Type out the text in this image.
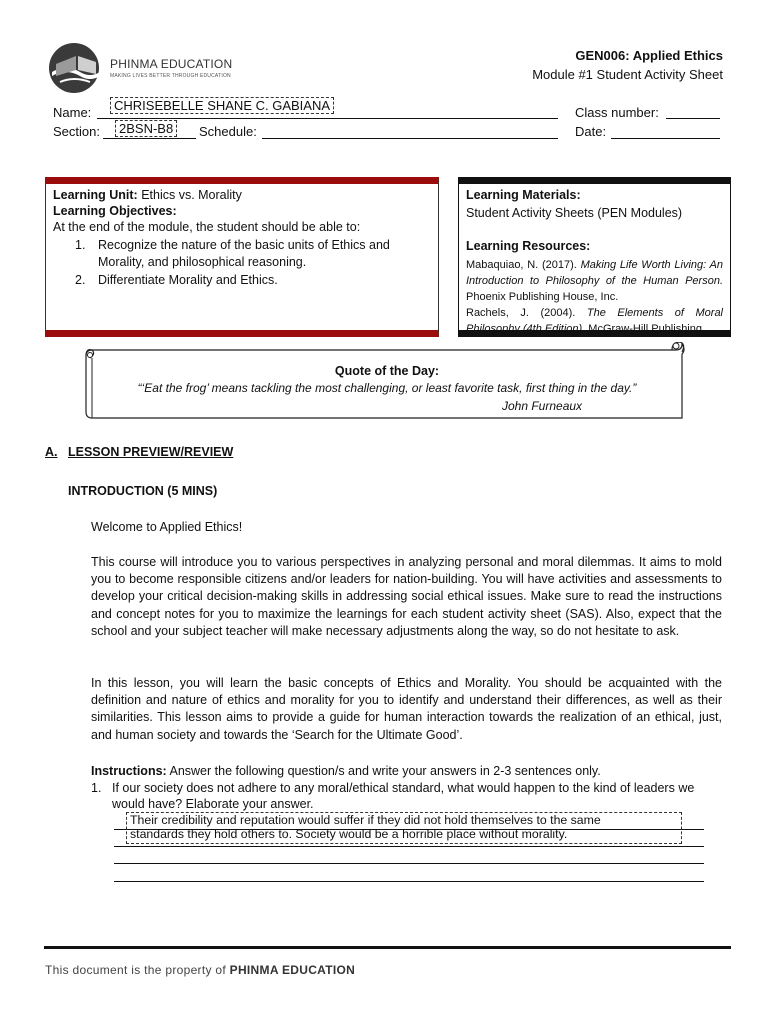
PHINMA EDUCATION
MAKING LIVES BETTER THROUGH EDUCATION
GEN006: Applied Ethics
Module #1 Student Activity Sheet
Name:	CHRISEBELLE SHANE C. GABIANA
Section:	2BSN-B8	Schedule:
Class number:
Date:
Learning Unit: Ethics vs. Morality
Learning Objectives:
At the end of the module, the student should be able to:
1.	Recognize the nature of the basic units of Ethics and Morality, and philosophical reasoning.
2.	Differentiate Morality and Ethics.
Learning Materials:
Student Activity Sheets (PEN Modules)
Learning Resources:
Mabaquiao, N. (2017). Making Life Worth Living: An Introduction to Philosophy of the Human Person. Phoenix Publishing House, Inc.
Rachels, J. (2004). The Elements of Moral Philosophy (4th Edition). McGraw-Hill Publishing.
Quote of the Day:
“‘Eat the frog’ means tackling the most challenging, or least favorite task, first thing in the day.”
John Furneaux
A. LESSON PREVIEW/REVIEW
INTRODUCTION (5 MINS)
Welcome to Applied Ethics!
This course will introduce you to various perspectives in analyzing personal and moral dilemmas. It aims to mold you to become responsible citizens and/or leaders for nation-building. You will have activities and assessments to develop your critical decision-making skills in addressing social ethical issues. Make sure to read the instructions and concept notes for you to maximize the learnings for each student activity sheet (SAS). Also, expect that the school and your subject teacher will make necessary adjustments along the way, so do not hesitate to ask.
In this lesson, you will learn the basic concepts of Ethics and Morality. You should be acquainted with the definition and nature of ethics and morality for you to identify and understand their differences, as well as their similarities. This lesson aims to provide a guide for human interaction towards the realization of an ethical, just, and human society and towards the ‘Search for the Ultimate Good’.
Instructions: Answer the following question/s and write your answers in 2-3 sentences only.
1. If our society does not adhere to any moral/ethical standard, what would happen to the kind of leaders we would have? Elaborate your answer.
Their credibility and reputation would suffer if they did not hold themselves to the same
standards they hold others to. Society would be a horrible place without morality.
This document is the property of PHINMA EDUCATION
